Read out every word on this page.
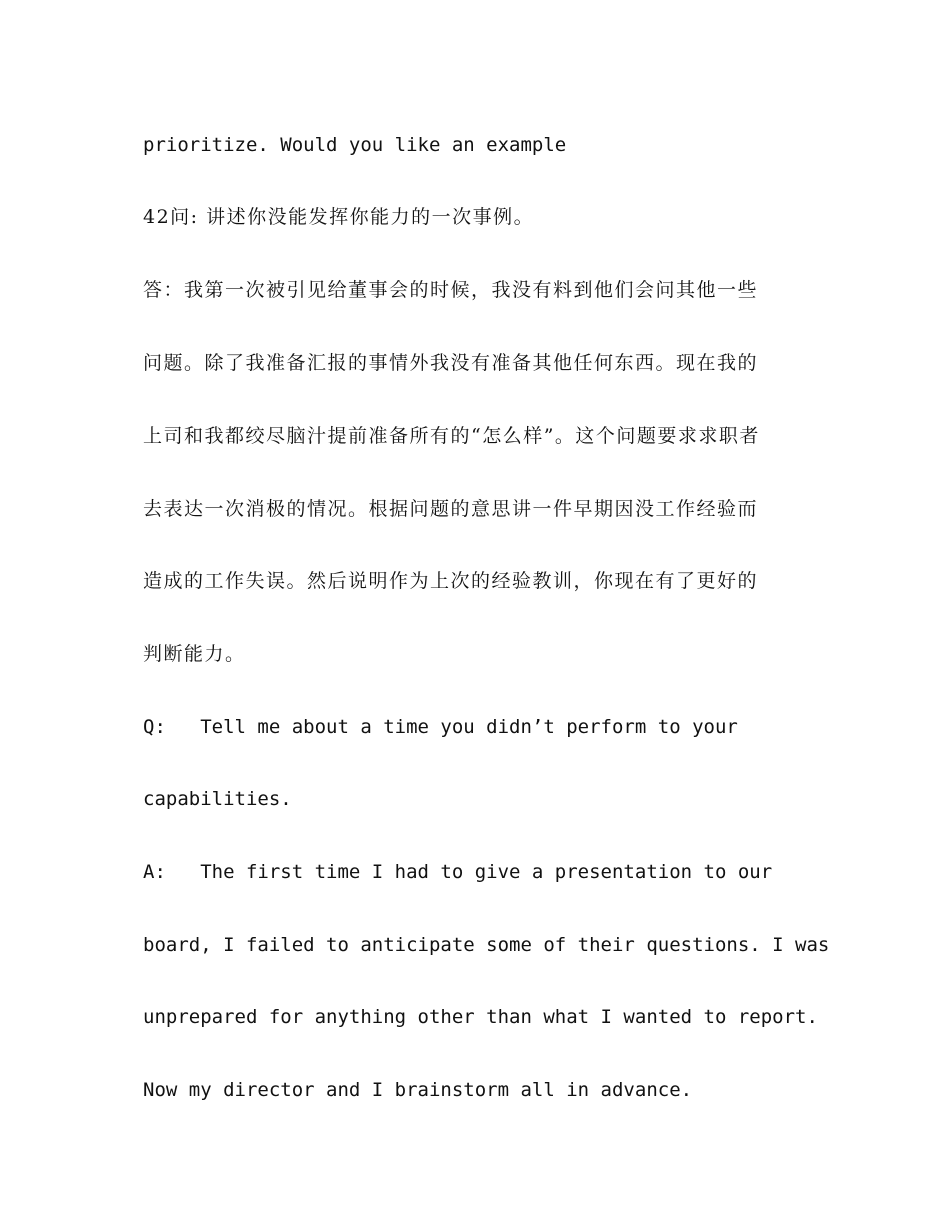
prioritize. Would you like an example

42问: 讲述你没能发挥你能力的一次事例。

答：我第一次被引见给董事会的时候，我没有料到他们会问其他一些

问题。除了我准备汇报的事情外我没有准备其他任何东西。现在我的

上司和我都绞尽脑汁提前准备所有的“怎么样”。这个问题要求求职者

去表达一次消极的情况。根据问题的意思讲一件早期因没工作经验而

造成的工作失误。然后说明作为上次的经验教训，你现在有了更好的

判断能力。

Q:   Tell me about a time you didn’t perform to your

capabilities.

A:   The first time I had to give a presentation to our

board, I failed to anticipate some of their questions. I was

unprepared for anything other than what I wanted to report.

Now my director and I brainstorm all in advance.
